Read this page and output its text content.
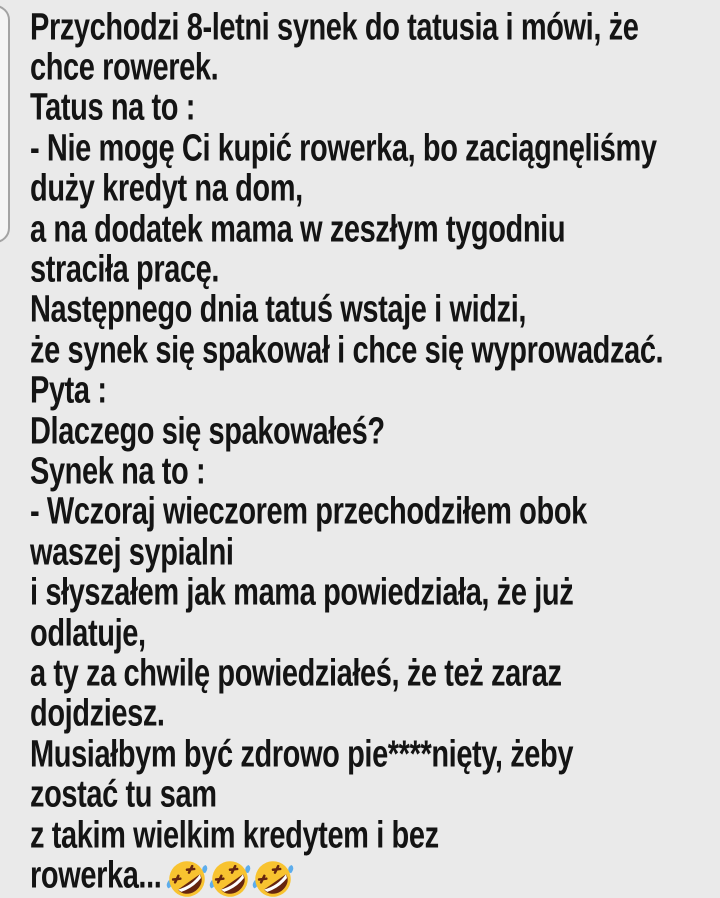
Przychodzi 8-letni synek do tatusia i mówi, że
chce rowerek.
Tatus na to :
- Nie mogę Ci kupić rowerka, bo zaciągnęliśmy
duży kredyt na dom,
a na dodatek mama w zeszłym tygodniu
straciła pracę.
Następnego dnia tatuś wstaje i widzi,
że synek się spakował i chce się wyprowadzać.
Pyta :
Dlaczego się spakowałeś?
Synek na to :
- Wczoraj wieczorem przechodziłem obok
waszej sypialni
i słyszałem jak mama powiedziała, że już
odlatuje,
a ty za chwilę powiedziałeś, że też zaraz
dojdziesz.
Musiałbym być zdrowo pie****nięty, żeby
zostać tu sam
z takim wielkim kredytem i bez
rowerka...
